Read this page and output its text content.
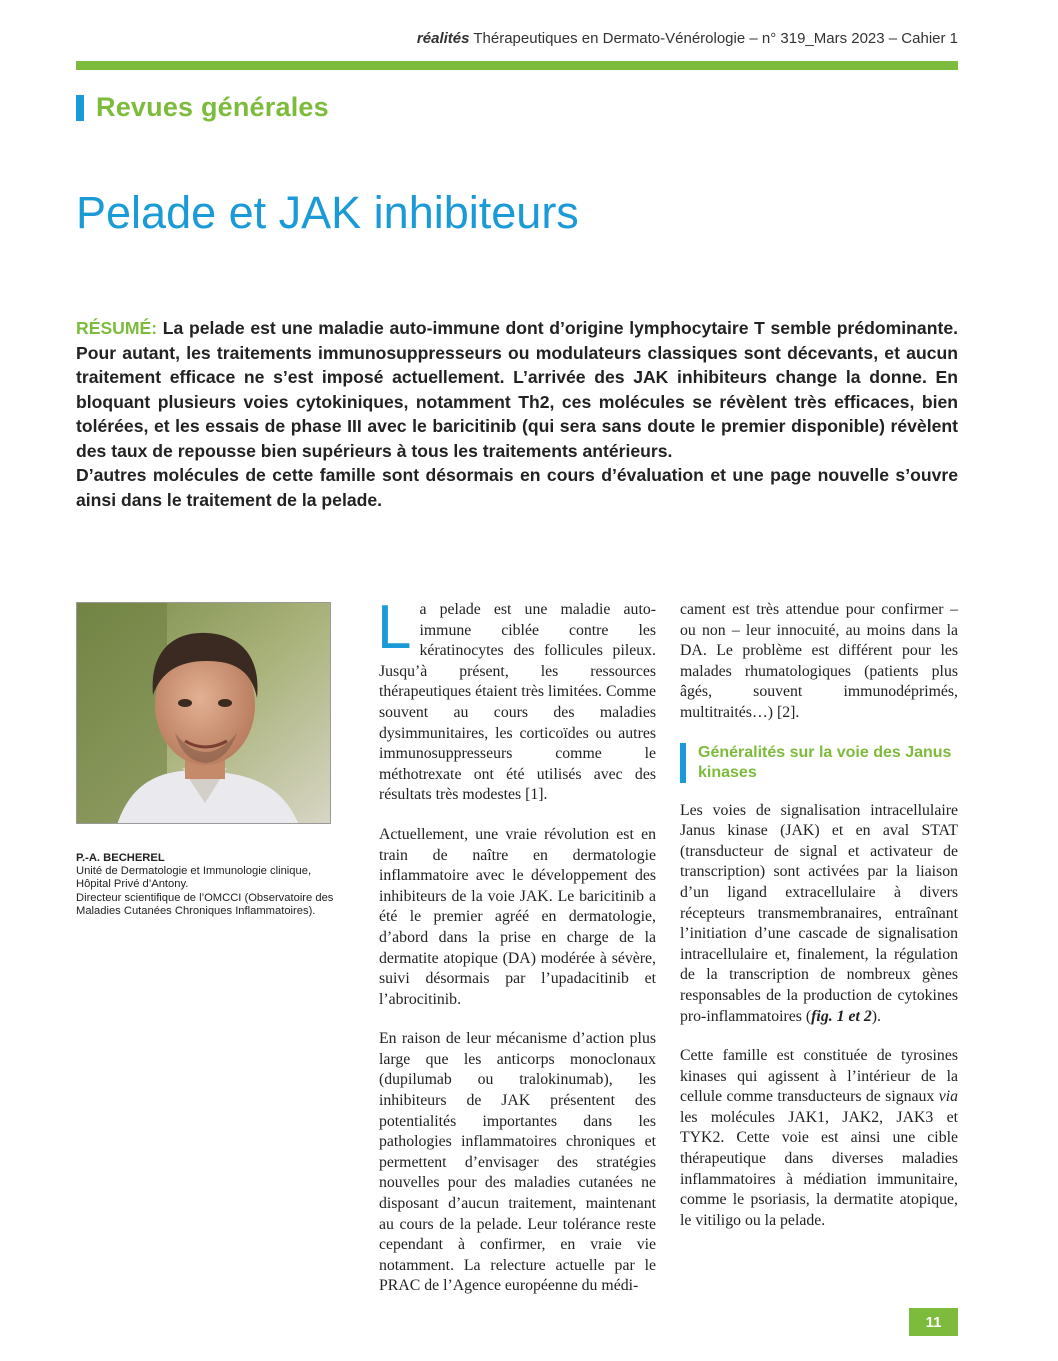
réalités Thérapeutiques en Dermato-Vénérologie – n° 319_Mars 2023 – Cahier 1
Revues générales
Pelade et JAK inhibiteurs
RÉSUMÉ: La pelade est une maladie auto-immune dont d’origine lymphocytaire T semble prédominante. Pour autant, les traitements immunosuppresseurs ou modulateurs classiques sont décevants, et aucun traitement efficace ne s’est imposé actuellement. L’arrivée des JAK inhibiteurs change la donne. En bloquant plusieurs voies cytokiniques, notamment Th2, ces molécules se révèlent très efficaces, bien tolérées, et les essais de phase III avec le baricitinib (qui sera sans doute le premier disponible) révèlent des taux de repousse bien supérieurs à tous les traitements antérieurs.
D’autres molécules de cette famille sont désormais en cours d’évaluation et une page nouvelle s’ouvre ainsi dans le traitement de la pelade.
P.-A. BECHEREL
Unité de Dermatologie et Immunologie clinique, Hôpital Privé d’Antony.
Directeur scientifique de l’OMCCI (Observatoire des Maladies Cutanées Chroniques Inflammatoires).

La pelade est une maladie auto-immune ciblée contre les kératinocytes des follicules pileux. Jusqu’à présent, les ressources thérapeutiques étaient très limitées. Comme souvent au cours des maladies dysimmunitaires, les corticoïdes ou autres immunosuppresseurs comme le méthotrexate ont été utilisés avec des résultats très modestes [1].

Actuellement, une vraie révolution est en train de naître en dermatologie inflammatoire avec le développement des inhibiteurs de la voie JAK. Le baricitinib a été le premier agréé en dermatologie, d’abord dans la prise en charge de la dermatite atopique (DA) modérée à sévère, suivi désormais par l’upadacitinib et l’abrocitinib.

En raison de leur mécanisme d’action plus large que les anticorps monoclonaux (dupilumab ou tralokinumab), les inhibiteurs de JAK présentent des potentialités importantes dans les pathologies inflammatoires chroniques et permettent d’envisager des stratégies nouvelles pour des maladies cutanées ne disposant d’aucun traitement, maintenant au cours de la pelade. Leur tolérance reste cependant à confirmer, en vraie vie notamment. La relecture actuelle par le PRAC de l’Agence européenne du médi-

cament est très attendue pour confirmer – ou non – leur innocuité, au moins dans la DA. Le problème est différent pour les malades rhumatologiques (patients plus âgés, souvent immunodéprimés, multitraités…) [2].

Généralités sur la voie des Janus kinases

Les voies de signalisation intracellulaire Janus kinase (JAK) et en aval STAT (transducteur de signal et activateur de transcription) sont activées par la liaison d’un ligand extracellulaire à divers récepteurs transmembranaires, entraînant l’initiation d’une cascade de signalisation intracellulaire et, finalement, la régulation de la transcription de nombreux gènes responsables de la production de cytokines pro-inflammatoires (fig. 1 et 2).

Cette famille est constituée de tyrosines kinases qui agissent à l’intérieur de la cellule comme transducteurs de signaux via les molécules JAK1, JAK2, JAK3 et TYK2. Cette voie est ainsi une cible thérapeutique dans diverses maladies inflammatoires à médiation immunitaire, comme le psoriasis, la dermatite atopique, le vitiligo ou la pelade.

11
